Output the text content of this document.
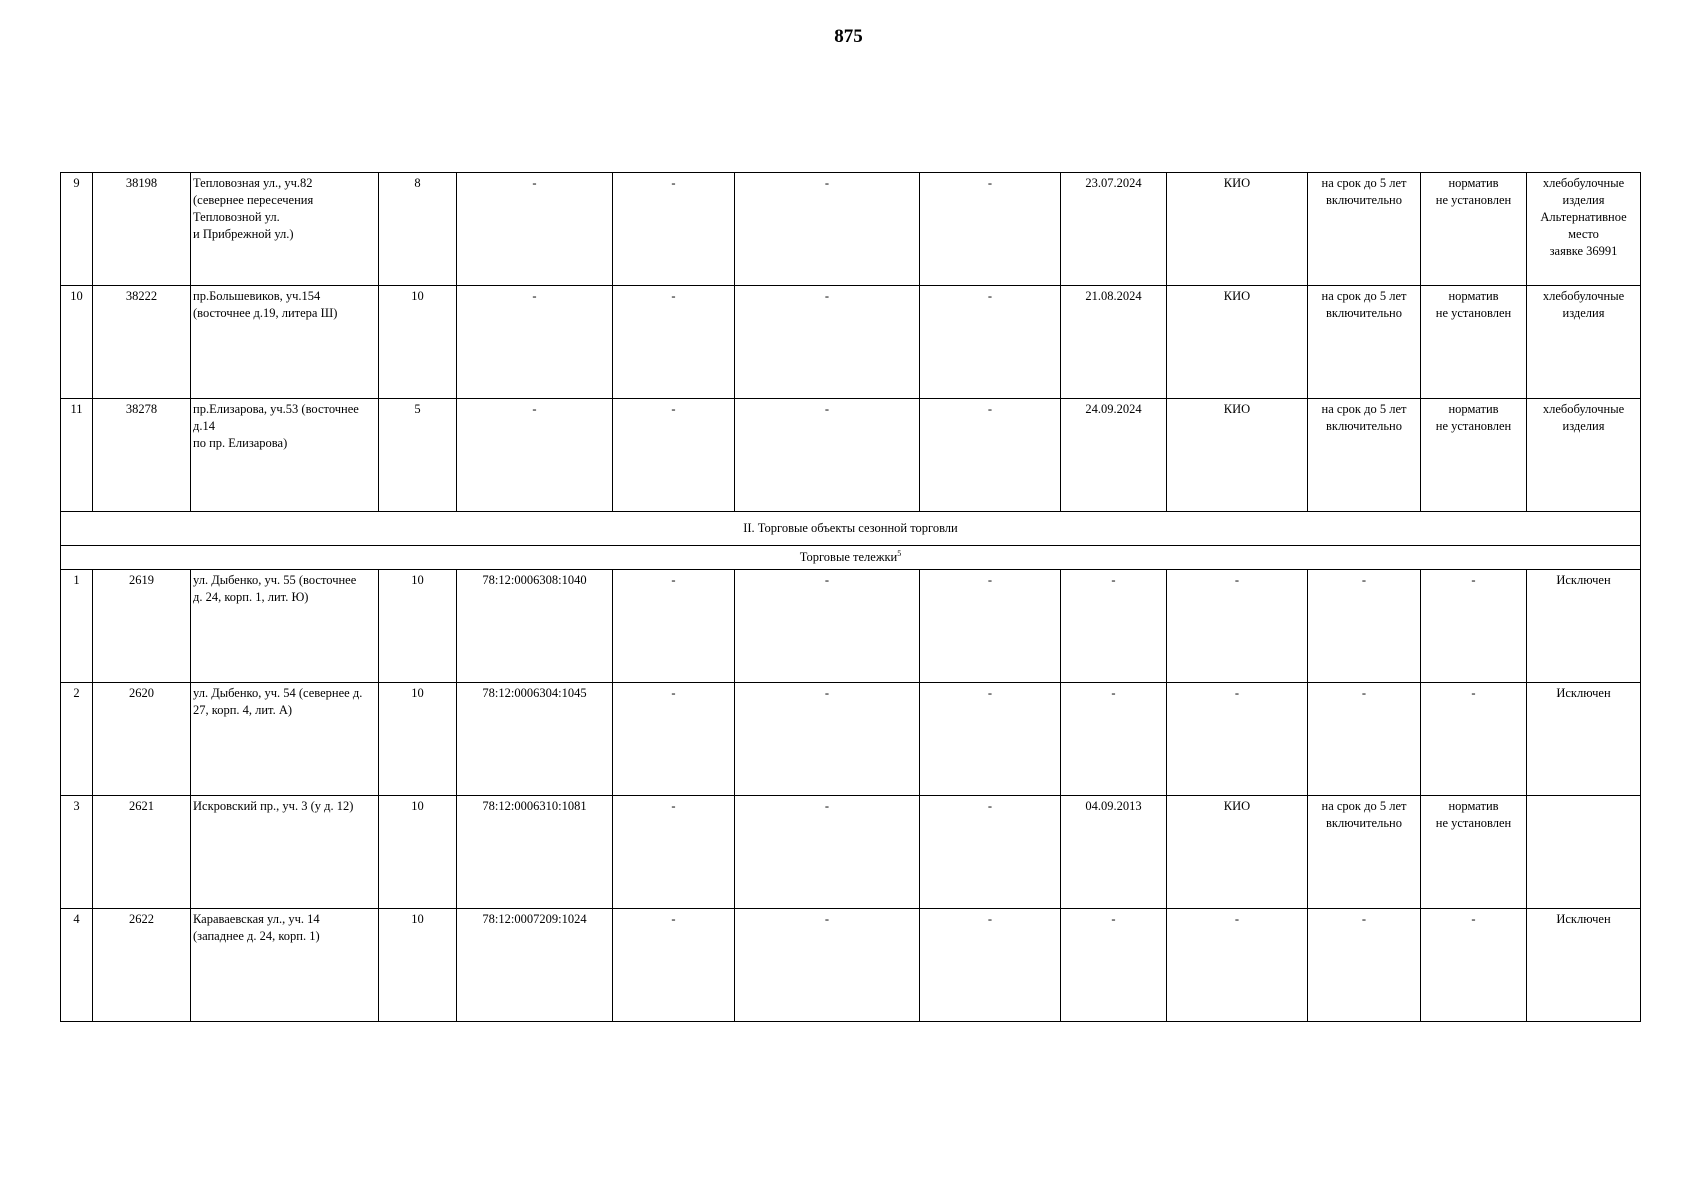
875
9	38198	Тепловозная ул., уч.82
(севернее пересечения
Тепловозной ул.
и Прибрежной ул.)	8	-	-	-	-	23.07.2024	КИО	на срок до 5 лет
включительно	норматив
не установлен	хлебобулочные
изделия
Альтернативное
место
заявке 36991
10	38222	пр.Большевиков, уч.154
(восточнее д.19, литера Ш)	10	-	-	-	-	21.08.2024	КИО	на срок до 5 лет
включительно	норматив
не установлен	хлебобулочные
изделия
11	38278	пр.Елизарова, уч.53 (восточнее
д.14
по пр. Елизарова)	5	-	-	-	-	24.09.2024	КИО	на срок до 5 лет
включительно	норматив
не установлен	хлебобулочные
изделия
II. Торговые объекты сезонной торговли												
Торговые тележки$^5$
1	2619	ул. Дыбенко, уч. 55 (восточнее
д. 24, корп. 1, лит. Ю)	10	78:12:0006308:1040	-	-	-	-	-	-	-	Исключен
2	2620	ул. Дыбенко, уч. 54 (севернее д.
27, корп. 4, лит. А)	10	78:12:0006304:1045	-	-	-	-	-	-	-	Исключен
3	2621	Искровский пр., уч. 3 (у д. 12)	10	78:12:0006310:1081	-	-	-	04.09.2013	КИО	на срок до 5 лет
включительно	норматив
не установлен	
4	2622	Караваевская ул., уч. 14
(западнее д. 24, корп. 1)	10	78:12:0007209:1024	-	-	-	-	-	-	-	Исключен
